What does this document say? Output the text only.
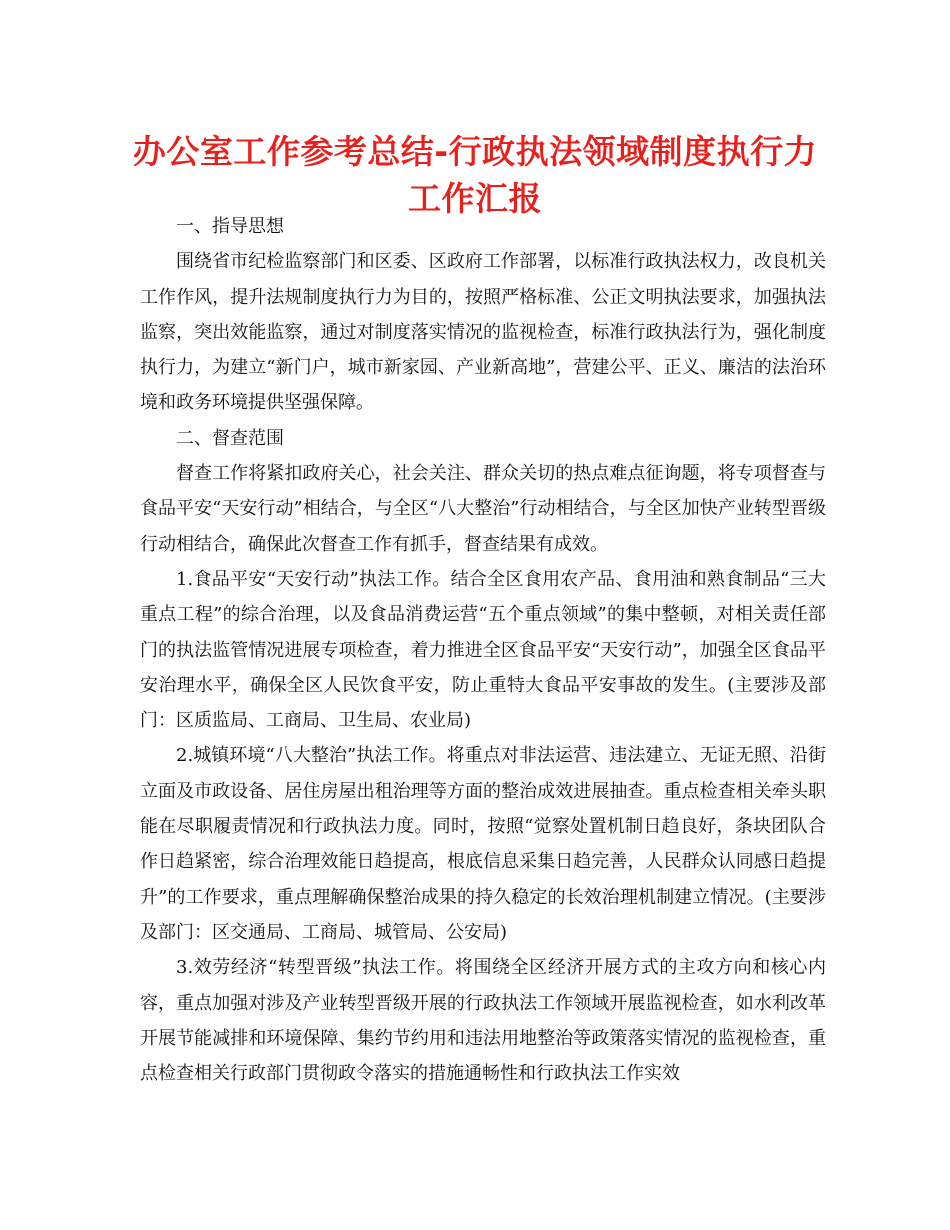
办公室工作参考总结-行政执法领域制度执行力工作汇报

一、指导思想

围绕省市纪检监察部门和区委、区政府工作部署，以标准行政执法权力，改良机关工作作风，提升法规制度执行力为目的，按照严格标准、公正文明执法要求，加强执法监察，突出效能监察，通过对制度落实情况的监视检查，标准行政执法行为，强化制度执行力，为建立“新门户，城市新家园、产业新高地”，营建公平、正义、廉洁的法治环境和政务环境提供坚强保障。

二、督查范围

督查工作将紧扣政府关心，社会关注、群众关切的热点难点征询题，将专项督查与食品平安“天安行动”相结合，与全区“八大整治”行动相结合，与全区加快产业转型晋级行动相结合，确保此次督查工作有抓手，督查结果有成效。

1.食品平安“天安行动”执法工作。结合全区食用农产品、食用油和熟食制品“三大重点工程”的综合治理，以及食品消费运营“五个重点领域”的集中整顿，对相关责任部门的执法监管情况进展专项检查，着力推进全区食品平安“天安行动”，加强全区食品平安治理水平，确保全区人民饮食平安，防止重特大食品平安事故的发生。(主要涉及部门：区质监局、工商局、卫生局、农业局)

2.城镇环境“八大整治”执法工作。将重点对非法运营、违法建立、无证无照、沿街立面及市政设备、居住房屋出租治理等方面的整治成效进展抽查。重点检查相关牵头职能在尽职履责情况和行政执法力度。同时，按照“觉察处置机制日趋良好，条块团队合作日趋紧密，综合治理效能日趋提高，根底信息采集日趋完善，人民群众认同感日趋提升”的工作要求，重点理解确保整治成果的持久稳定的长效治理机制建立情况。(主要涉及部门：区交通局、工商局、城管局、公安局)

3.效劳经济“转型晋级”执法工作。将围绕全区经济开展方式的主攻方向和核心内容，重点加强对涉及产业转型晋级开展的行政执法工作领域开展监视检查，如水利改革开展节能减排和环境保障、集约节约用和违法用地整治等政策落实情况的监视检查，重点检查相关行政部门贯彻政令落实的措施通畅性和行政执法工作实效
